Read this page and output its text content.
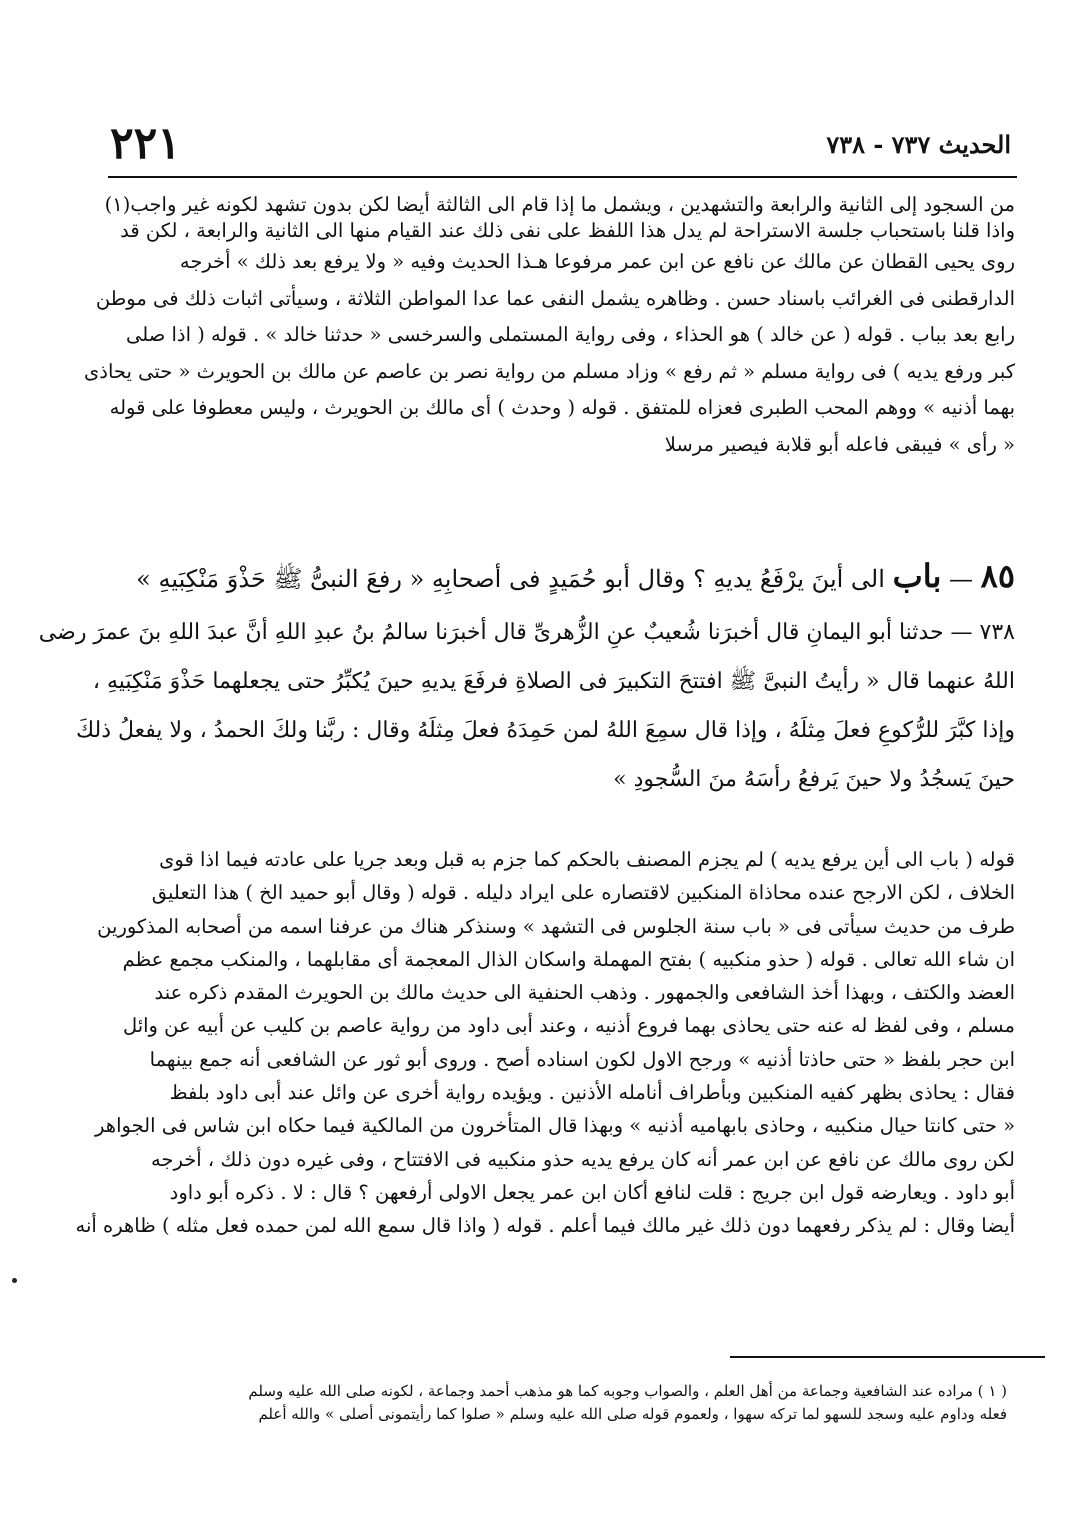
الحديث ٧٣٧ - ٧٣٨
٢٢١

من السجود إلى الثانية والرابعة والتشهدين ، ويشمل ما إذا قام الى الثالثة أيضا لكن بدون تشهد لكونه غير واجب(١)

واذا قلنا باستحباب جلسة الاستراحة لم يدل هذا اللفظ على نفى ذلك عند القيام منها الى الثانية والرابعة ، لكن قد

روى يحيى القطان عن مالك عن نافع عن ابن عمر مرفوعا هـذا الحديث وفيه « ولا يرفع بعد ذلك » أخرجه

الدارقطنى فى الغرائب باسناد حسن . وظاهره يشمل النفى عما عدا المواطن الثلاثة ، وسيأتى اثبات ذلك فى موطن

رابع بعد بباب . قوله ( عن خالد ) هو الحذاء ، وفى رواية المستملى والسرخسى « حدثنا خالد » . قوله ( اذا صلى

كبر ورفع يديه ) فى رواية مسلم « ثم رفع » وزاد مسلم من رواية نصر بن عاصم عن مالك بن الحويرث « حتى يحاذى

بهما أذنيه » ووهم المحب الطبرى فعزاه للمتفق . قوله ( وحدث ) أى مالك بن الحويرث ، وليس معطوفا على قوله

« رأى » فيبقى فاعله أبو قلابة فيصير مرسلا

٨٥ — باب الى أينَ يرْفَعُ يديهِ ؟ وقال أبو حُمَيدٍ فى أصحابِهِ « رفعَ النبىُّ ﷺ حَذْوَ مَنْكِبَيهِ »

٧٣٨ — حدثنا أبو اليمانِ قال أخبرَنا شُعيبٌ عنِ الزُّهرىِّ قال أخبرَنا سالمُ بنُ عبدِ اللهِ أنَّ عبدَ اللهِ بنَ عمرَ رضى

اللهُ عنهما قال « رأيتُ النبىَّ ﷺ افتتحَ التكبيرَ فى الصلاةِ فرفَعَ يديهِ حينَ يُكبِّرُ حتى يجعلهما حَذْوَ مَنْكِبَيهِ ،

وإذا كبَّرَ للرُّكوعِ فعلَ مِثلَهُ ، وإذا قال سمِعَ اللهُ لمن حَمِدَهُ فعلَ مِثلَهُ وقال : ربَّنا ولكَ الحمدُ ، ولا يفعلُ ذلكَ

حينَ يَسجُدُ ولا حينَ يَرفعُ رأسَهُ منَ السُّجودِ »

قوله ( باب الى أين يرفع يديه ) لم يجزم المصنف بالحكم كما جزم به قبل وبعد جريا على عادته فيما اذا قوى

الخلاف ، لكن الارجح عنده محاذاة المنكبين لاقتصاره على ايراد دليله . قوله ( وقال أبو حميد الخ ) هذا التعليق

طرف من حديث سيأتى فى « باب سنة الجلوس فى التشهد » وسنذكر هناك من عرفنا اسمه من أصحابه المذكورين

ان شاء الله تعالى . قوله ( حذو منكبيه ) بفتح المهملة واسكان الذال المعجمة أى مقابلهما ، والمنكب مجمع عظم

العضد والكتف ، وبهذا أخذ الشافعى والجمهور . وذهب الحنفية الى حديث مالك بن الحويرث المقدم ذكره عند

مسلم ، وفى لفظ له عنه حتى يحاذى بهما فروع أذنيه ، وعند أبى داود من رواية عاصم بن كليب عن أبيه عن وائل

ابن حجر بلفظ « حتى حاذتا أذنيه » ورجح الاول لكون اسناده أصح . وروى أبو ثور عن الشافعى أنه جمع بينهما

فقال : يحاذى بظهر كفيه المنكبين وبأطراف أنامله الأذنين . ويؤيده رواية أخرى عن وائل عند أبى داود بلفظ

« حتى كانتا حيال منكبيه ، وحاذى بابهاميه أذنيه » وبهذا قال المتأخرون من المالكية فيما حكاه ابن شاس فى الجواهر

لكن روى مالك عن نافع عن ابن عمر أنه كان يرفع يديه حذو منكبيه فى الافتتاح ، وفى غيره دون ذلك ، أخرجه

أبو داود . ويعارضه قول ابن جريج : قلت لنافع أكان ابن عمر يجعل الاولى أرفعهن ؟ قال : لا . ذكره أبو داود

أيضا وقال : لم يذكر رفعهما دون ذلك غير مالك فيما أعلم . قوله ( واذا قال سمع الله لمن حمده فعل مثله ) ظاهره أنه

( ١ ) مراده عند الشافعية وجماعة من أهل العلم ، والصواب وجوبه كما هو مذهب أحمد وجماعة ، لكونه صلى الله عليه وسلم

فعله وداوم عليه وسجد للسهو لما تركه سهوا ، ولعموم قوله صلى الله عليه وسلم « صلوا كما رأيتمونى أصلى » والله أعلم
